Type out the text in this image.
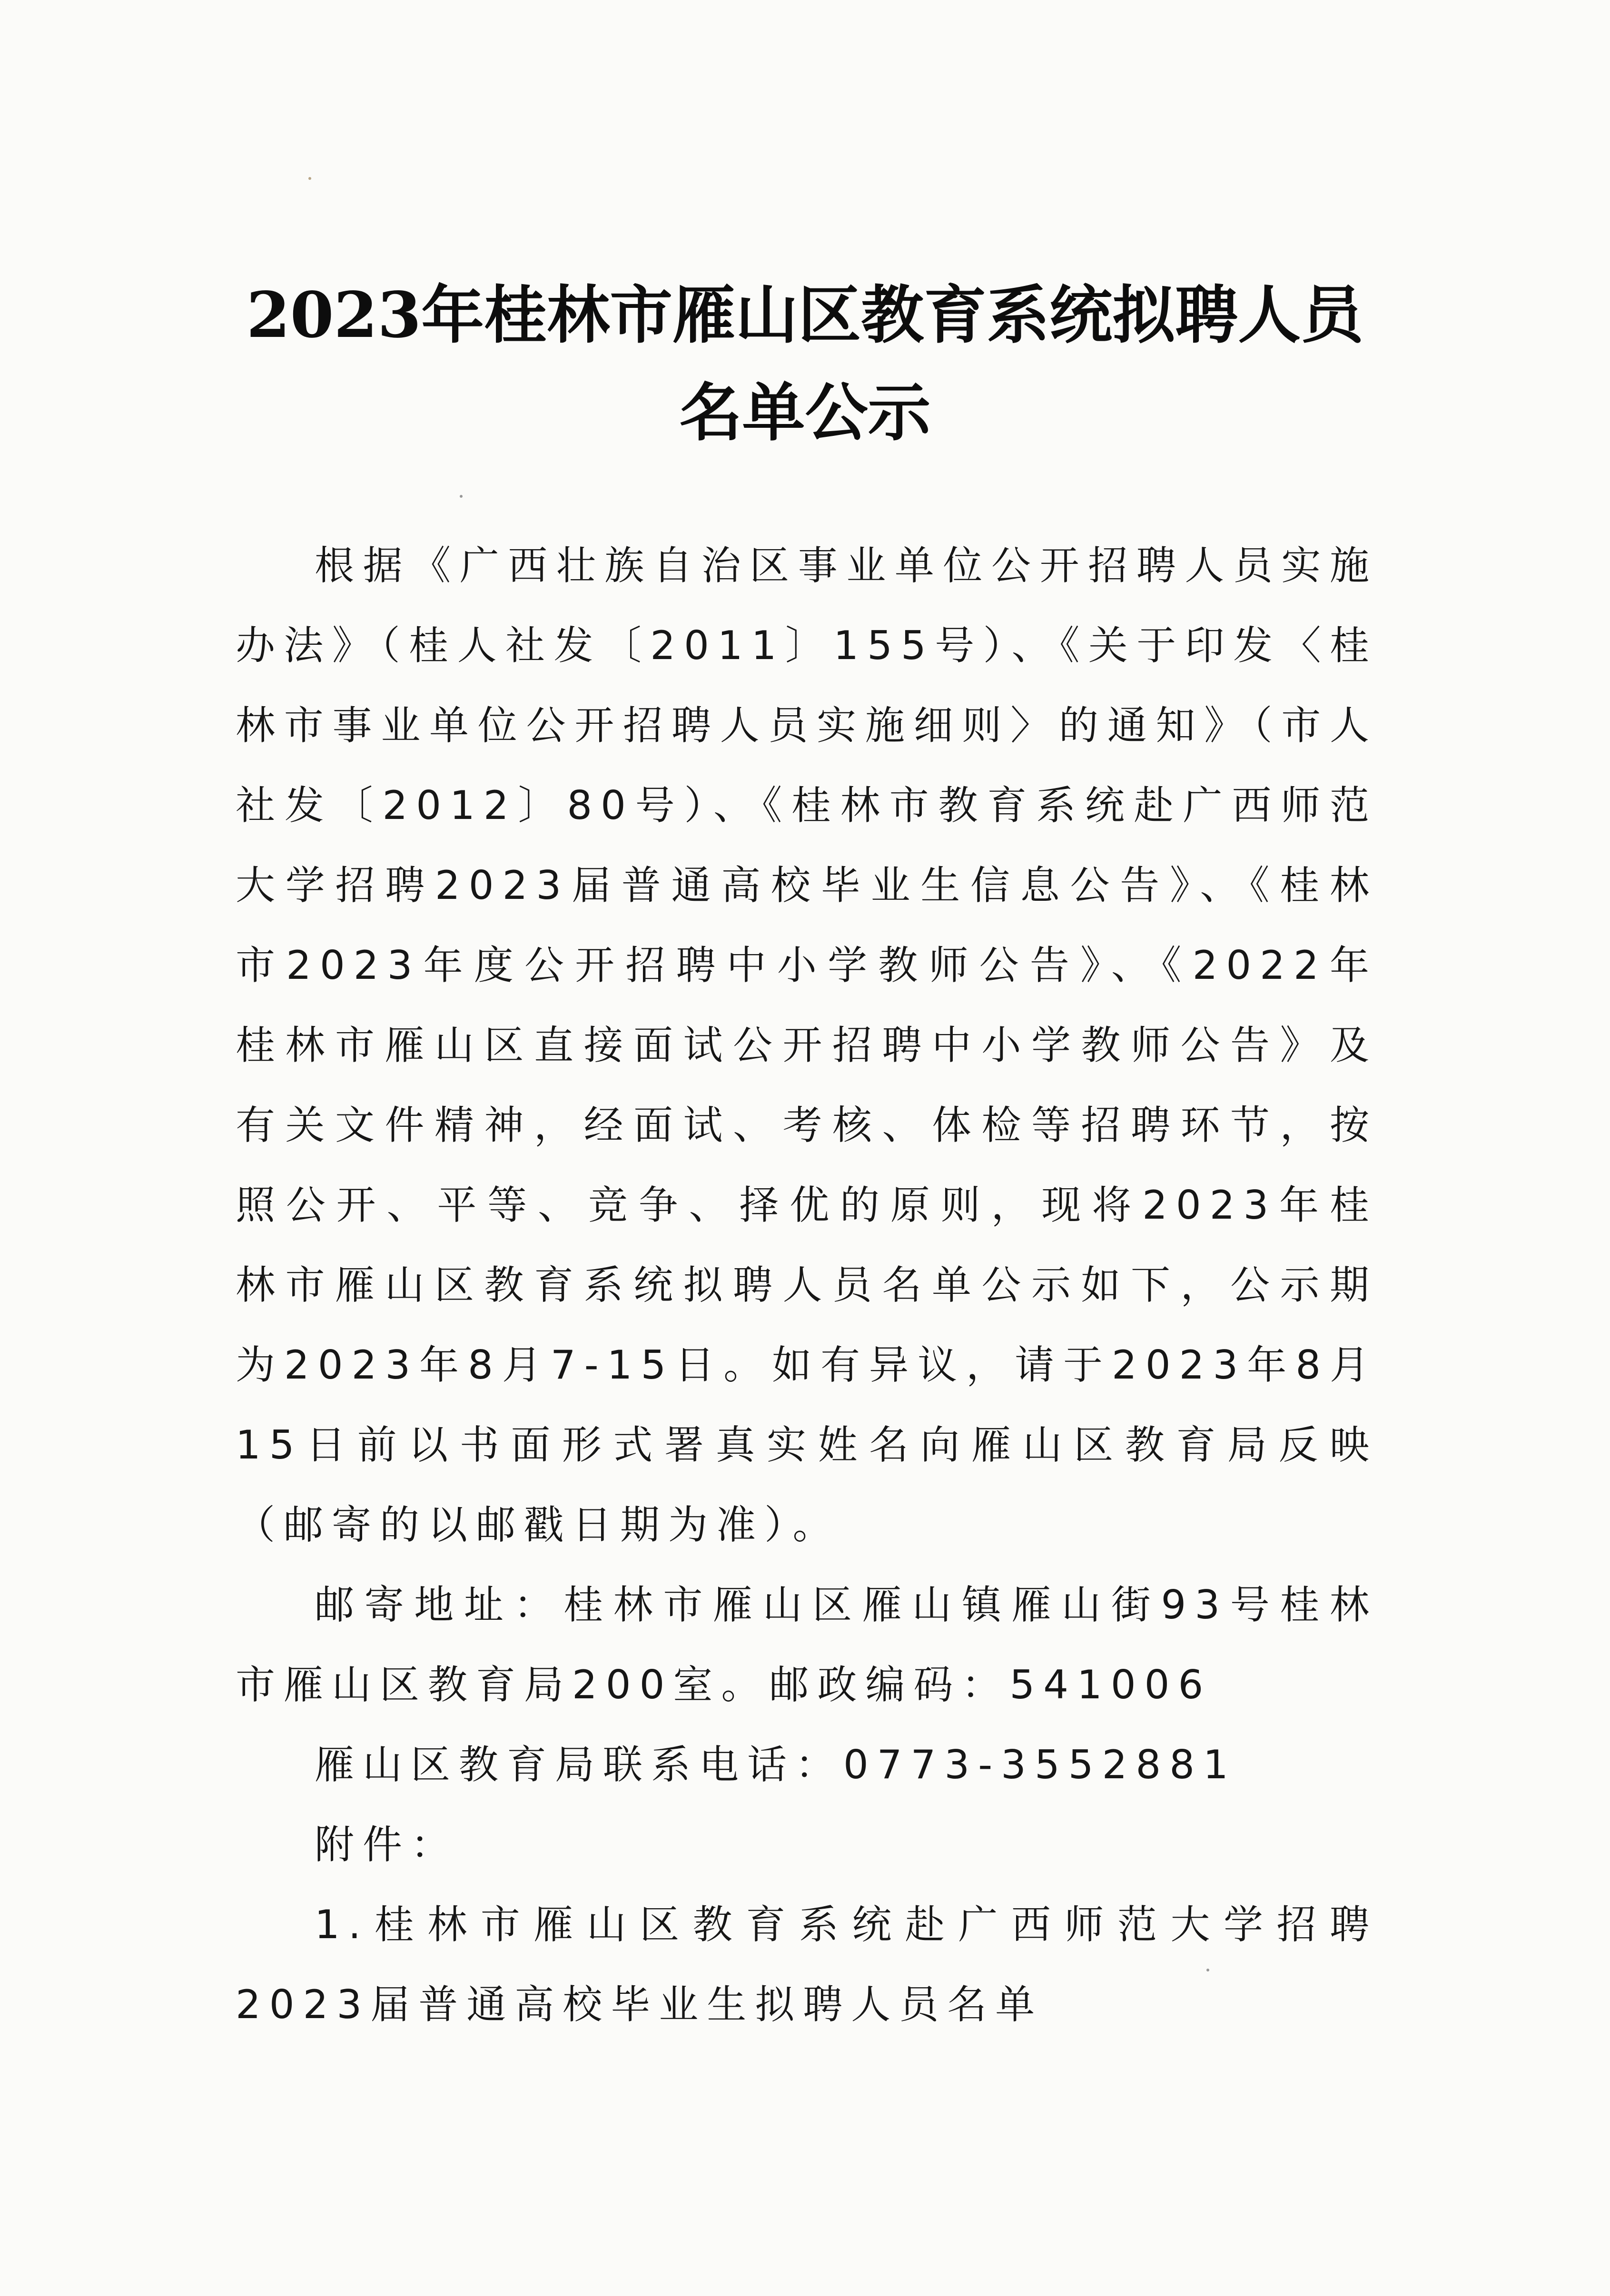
2023年桂林市雁山区教育系统拟聘人员
名单公示

根据《广西壮族自治区事业单位公开招聘人员实施办法》（桂人社发〔2011〕155号）、《关于印发〈桂林市事业单位公开招聘人员实施细则〉的通知》（市人社发〔2012〕80号）、《桂林市教育系统赴广西师范大学招聘2023届普通高校毕业生信息公告》、《桂林市2023年度公开招聘中小学教师公告》、《2022年桂林市雁山区直接面试公开招聘中小学教师公告》及有关文件精神，经面试、考核、体检等招聘环节，按照公开、平等、竞争、择优的原则，现将2023年桂林市雁山区教育系统拟聘人员名单公示如下，公示期为2023年8月7-15日。如有异议，请于2023年8月15日前以书面形式署真实姓名向雁山区教育局反映（邮寄的以邮戳日期为准）。

邮寄地址：桂林市雁山区雁山镇雁山街93号桂林市雁山区教育局200室。邮政编码：541006

雁山区教育局联系电话：0773-3552881

附件：

1.桂林市雁山区教育系统赴广西师范大学招聘2023届普通高校毕业生拟聘人员名单
